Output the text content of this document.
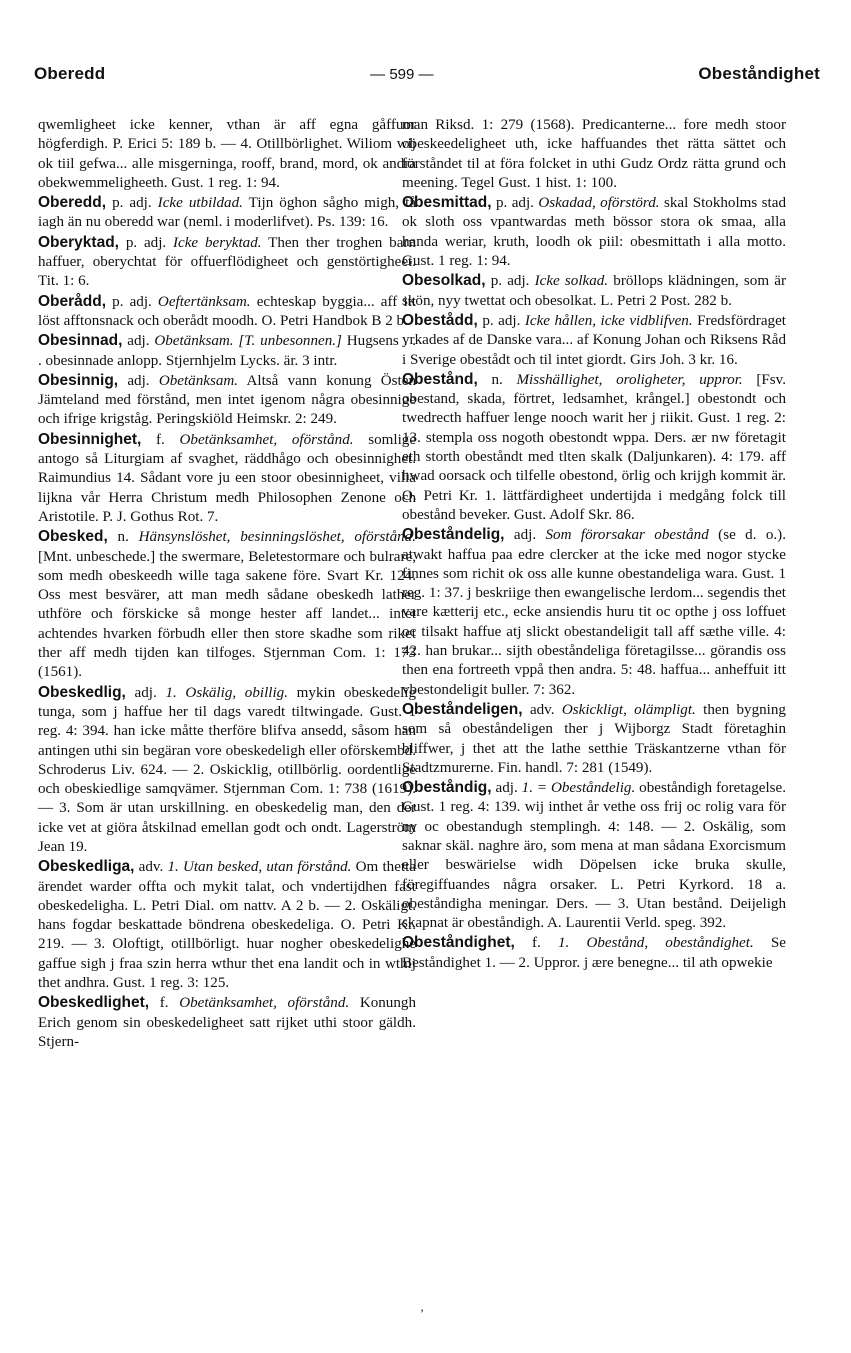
Oberedd	— 599 —	Obeståndighet

qwemligheet icke kenner, vthan är aff egna gåffuor högferdigh. P. Erici 5: 189 b. — 4. Otillbörlighet. Wiliom wij ok tiil gefwa... alle misgerninga, rooff, brand, mord, ok andra obekwemmeligheeth. Gust. 1 reg. 1: 94.

Oberedd, p. adj. Icke utbildad. Tijn öghon sågho migh, tå iagh än nu oberedd war (neml. i moderlifvet). Ps. 139: 16.

Oberyktad, p. adj. Icke beryktad. Then ther troghen barn haffuer, oberychtat för offuerflödigheet och genstörtigheet. Tit. 1: 6.

Oberådd, p. adj. Oeftertänksam. echteskap byggia... aff itt löst afftonsnack och oberådt moodh. O. Petri Handbok B 2 b.

Obesinnad, adj. Obetänksam. [T. unbesonnen.] Hugsens . . . obesinnade anlopp. Stjernhjelm Lycks. är. 3 intr.

Obesinnig, adj. Obetänksam. Altså vann konung Östen Jämteland med förstånd, men intet igenom några obesinnige och ifrige krigståg. Peringskiöld Heimskr. 2: 249.

Obesinnighet, f. Obetänksamhet, oförstånd. somlige antogo så Liturgiam af svaghet, räddhågo och obesinnighet. Raimundius 14. Sådant vore ju een stoor obesinnigheet, vilia lijkna vår Herra Christum medh Philosophen Zenone och Aristotile. P. J. Gothus Rot. 7.

Obesked, n. Hänsynslöshet, besinningslöshet, oförstånd. [Mnt. unbeschede.] the swermare, Beletestormare och bulrare, som medh obeskeedh wille taga sakene före. Svart Kr. 124. Oss mest besvärer, att man medh sådane obeskedh lather uthföre och förskicke så monge hester aff landet... intet achtendes hvarken förbudh eller then store skadhe som riket ther aff medh tijden kan tilfoges. Stjernman Com. 1: 173 (1561).

Obeskedlig, adj. 1. Oskälig, obillig. mykin obeskedelig tunga, som j haffue her til dags varedt tiltwingade. Gust. 1 reg. 4: 394. han icke måtte therföre blifva ansedd, såsom han antingen uthi sin begäran vore obeskedeligh eller oförskembd. Schroderus Liv. 624. — 2. Oskicklig, otillbörlig. oordentlige och obeskiedlige samqvämer. Stjernman Com. 1: 738 (1619). — 3. Som är utan urskillning. en obeskedelig man, den der icke vet at giöra åtskilnad emellan godt och ondt. Lagerström Jean 19.

Obeskedliga, adv. 1. Utan besked, utan förstånd. Om thetta ärendet warder offta och mykit talat, och vndertijdhen fast obeskedeligha. L. Petri Dial. om nattv. A 2 b. — 2. Oskäligt. hans fogdar beskattade böndrena obeskedeliga. O. Petri Kr. 219. — 3. Oloftigt, otillbörligt. huar nogher obeskedelighe gaffue sigh j fraa szin herra wthur thet ena landit och in wthij thet andhra. Gust. 1 reg. 3: 125.

Obeskedlighet, f. Obetänksamhet, oförstånd. Konungh Erich genom sin obeskedeligheet satt rijket uthi stoor gäldh. Stjern-

man Riksd. 1: 279 (1568). Predicanterne... fore medh stoor obeskeedeligheet uth, icke haffuandes thet rätta sättet och förståndet til at föra folcket in uthi Gudz Ordz rätta grund och meening. Tegel Gust. 1 hist. 1: 100.

Obesmittad, p. adj. Oskadad, oförstörd. skal Stokholms stad ok sloth oss vpantwardas meth bössor stora ok smaa, alla handa weriar, kruth, loodh ok piil: obesmittath i alla motto. Gust. 1 reg. 1: 94.

Obesolkad, p. adj. Icke solkad. bröllops klädningen, som är skön, nyy twettat och obesolkat. L. Petri 2 Post. 282 b.

Obestådd, p. adj. Icke hållen, icke vidblifven. Fredsfördraget yrkades af de Danske vara... af Konung Johan och Riksens Råd i Sverige obestådt och til intet giordt. Girs Joh. 3 kr. 16.

Obestånd, n. Misshällighet, oroligheter, uppror. [Fsv. obestand, skada, förtret, ledsamhet, krångel.] obestondt och twedrecth haffuer lenge nooch warit her j riikit. Gust. 1 reg. 2: 13. stempla oss nogoth obestondt wppa. Ders. ær nw företagit eth storth obeståndt med tlten skalk (Daljunkaren). 4: 179. aff hwad oorsack och tilfelle obestond, örlig och krijgh kommit är. O. Petri Kr. 1. lättfärdigheet undertijda i medgång folck till obestånd beveker. Gust. Adolf Skr. 86.

Obeståndelig, adj. Som förorsakar obestånd (se d. o.). atwakt haffua paa edre clercker at the icke med nogor stycke finnes som richit ok oss alle kunne obestandeliga wara. Gust. 1 reg. 1: 37. j beskriige then ewangelische lerdom... segendis thet vare kætterij etc., ecke ansiendis huru tit oc opthe j oss loffuet oc tilsakt haffue atj slickt obestandeligit tall aff sæthe ville. 4: 42. han brukar... sijth obeståndeliga företagilsse... görandis oss then ena fortreeth vppå then andra. 5: 48. haffua... anheffuit itt vbestondeligit buller. 7: 362.

Obeståndeligen, adv. Oskickligt, olämpligt. then bygning som så obeståndeligen ther j Wijborgz Stadt företaghin bliffwer, j thet att the lathe setthie Träskantzerne vthan för Stadtzmurerne. Fin. handl. 7: 281 (1549).

Obeståndig, adj. 1. = Obeståndelig. obeståndigh foretagelse. Gust. 1 reg. 4: 139. wij inthet år vethe oss frij oc rolig vara för ny oc obestandugh stemplingh. 4: 148. — 2. Oskälig, som saknar skäl. naghre äro, som mena at man sådana Exorcismum eller beswärielse widh Döpelsen icke bruka skulle, föregiffuandes några orsaker. L. Petri Kyrkord. 18 a. obeståndigha meningar. Ders. — 3. Utan bestånd. Deijeligh skapnat är obeståndigh. A. Laurentii Verld. speg. 392.

Obeståndighet, f. 1. Obestånd, obeståndighet. Se Beståndighet 1. — 2. Uppror. j ære benegne... til ath opwekie

’
